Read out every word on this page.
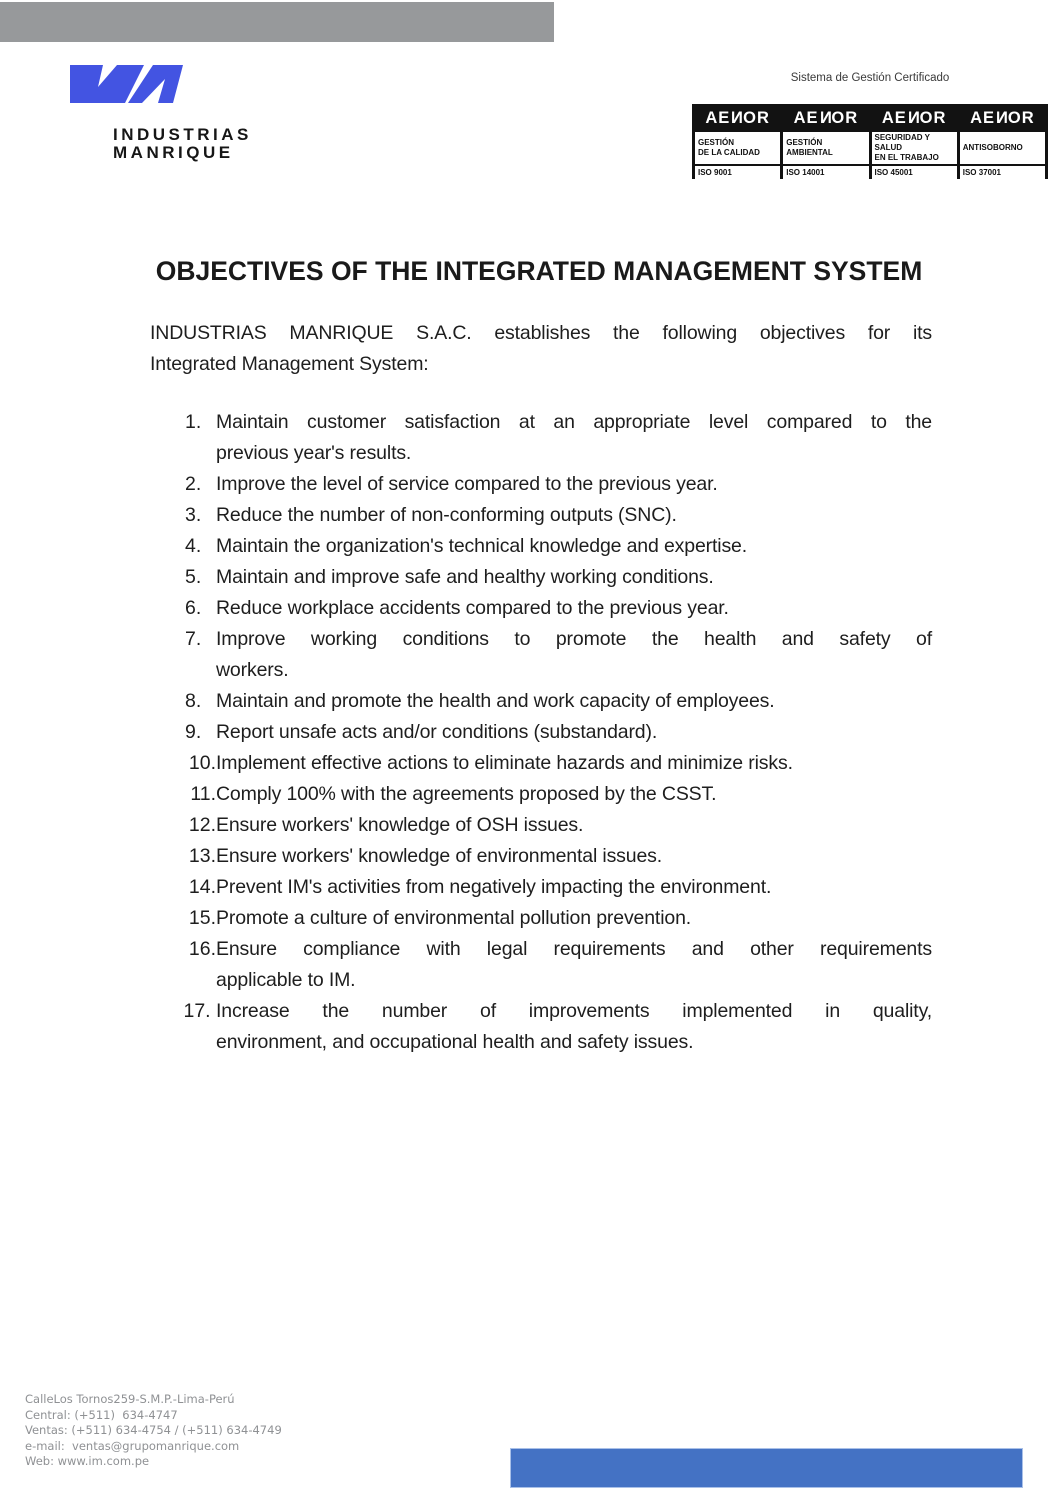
INDUSTRIAS
MANRIQUE
Sistema de Gestión Certificado
AE N OR
GESTIÓN
DE LA CALIDAD
ISO 9001
AE N OR
GESTIÓN
AMBIENTAL
ISO 14001
AE N OR
SEGURIDAD Y SALUD
EN EL TRABAJO
ISO 45001
AE N OR
ANTISOBORNO
ISO 37001
OBJECTIVES OF THE INTEGRATED MANAGEMENT SYSTEM
INDUSTRIAS MANRIQUE S.A.C. establishes the following objectives for its
Integrated Management System:
1. Maintain customer satisfaction at an appropriate level compared to the
previous year's results.
2. Improve the level of service compared to the previous year.
3. Reduce the number of non-conforming outputs (SNC).
4. Maintain the organization's technical knowledge and expertise.
5. Maintain and improve safe and healthy working conditions.
6. Reduce workplace accidents compared to the previous year.
7. Improve working conditions to promote the health and safety of
workers.
8. Maintain and promote the health and work capacity of employees.
9. Report unsafe acts and/or conditions (substandard).
10. Implement effective actions to eliminate hazards and minimize risks.
11. Comply 100% with the agreements proposed by the CSST.
12. Ensure workers' knowledge of OSH issues.
13. Ensure workers' knowledge of environmental issues.
14. Prevent IM's activities from negatively impacting the environment.
15. Promote a culture of environmental pollution prevention.
16. Ensure compliance with legal requirements and other requirements
applicable to IM.
17. Increase the number of improvements implemented in quality,
environment, and occupational health and safety issues.
CalleLos Tornos259-S.M.P.-Lima-Perú
Central: (+511)  634-4747
Ventas: (+511) 634-4754 / (+511) 634-4749
e-mail:  ventas@grupomanrique.com
Web: www.im.com.pe
